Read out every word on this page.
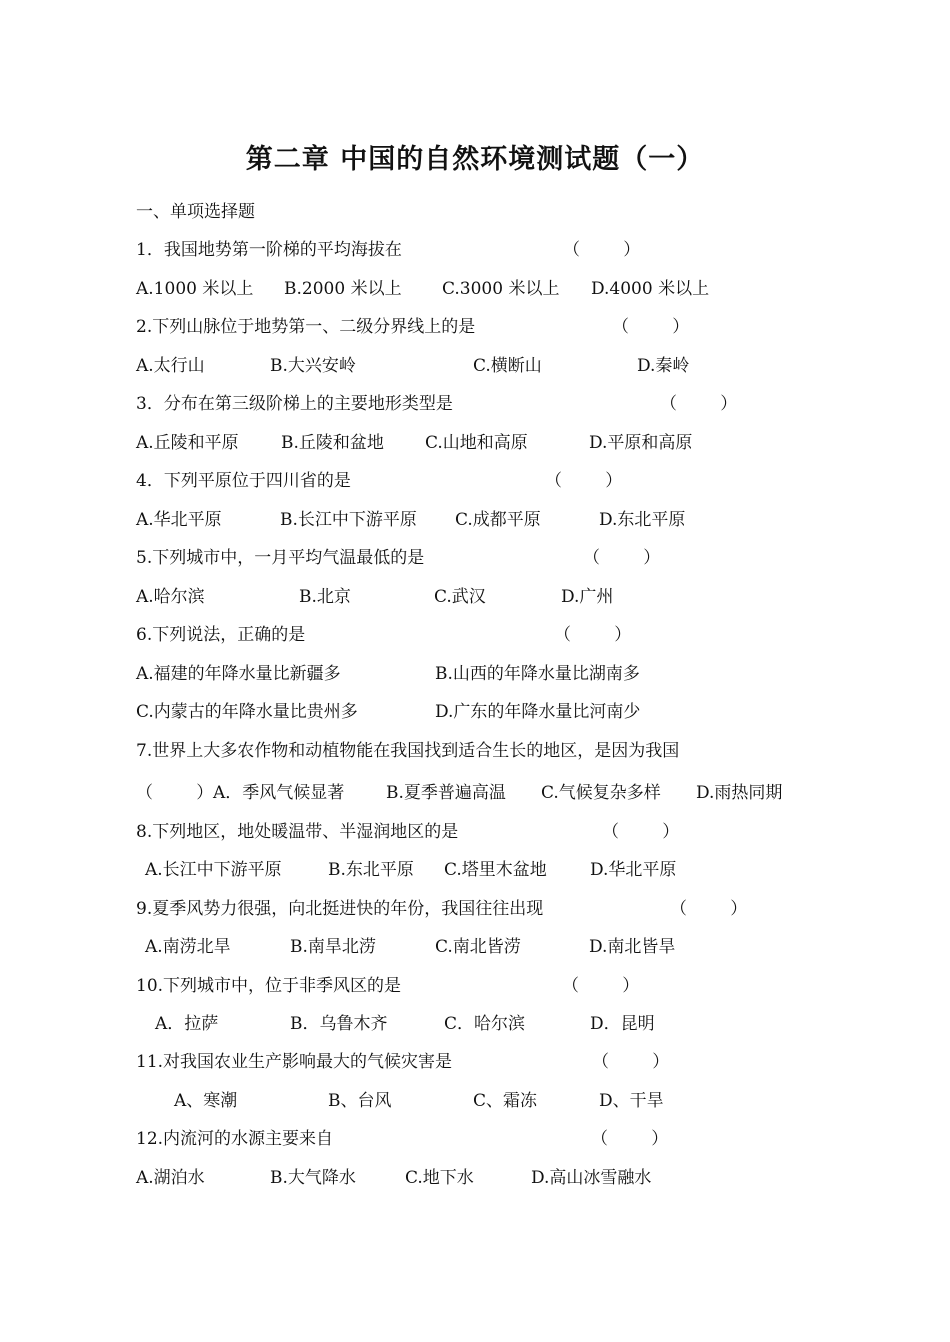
第二章 中国的自然环境测试题（一）
一、单项选择题
1．我国地势第一阶梯的平均海拔在	（        ）
A.1000 米以上 B.2000 米以上 C.3000 米以上 D.4000 米以上
2.下列山脉位于地势第一、二级分界线上的是	（        ）
A.太行山	B.大兴安岭	C.横断山	D.秦岭
3．分布在第三级阶梯上的主要地形类型是	（        ）
A.丘陵和平原 B.丘陵和盆地 C.山地和高原	D.平原和高原
4．下列平原位于四川省的是	（        ）
A.华北平原	B.长江中下游平原 C.成都平原	D.东北平原
5.下列城市中，一月平均气温最低的是	（        ）
A.哈尔滨	B.北京	C.武汉	D.广州
6.下列说法，正确的是	（        ）
A.福建的年降水量比新疆多	B.山西的年降水量比湖南多
C.内蒙古的年降水量比贵州多	D.广东的年降水量比河南少
7.世界上大多农作物和动植物能在我国找到适合生长的地区，是因为我国
（        ） A．季风气候显著 B.夏季普遍高温 C.气候复杂多样 D.雨热同期
8.下列地区，地处暖温带、半湿润地区的是	（        ）
A.长江中下游平原	B.东北平原 C.塔里木盆地	D.华北平原
9.夏季风势力很强，向北挺进快的年份，我国往往出现	（        ）
A.南涝北旱	B.南旱北涝	C.南北皆涝	D.南北皆旱
10.下列城市中，位于非季风区的是	（        ）
A．拉萨	B．乌鲁木齐	C．哈尔滨	D．昆明
11.对我国农业生产影响最大的气候灾害是	（        ）
A、寒潮	B、台风	C、霜冻	D、干旱
12.内流河的水源主要来自	（        ）
A.湖泊水	B.大气降水	C.地下水	D.高山冰雪融水
